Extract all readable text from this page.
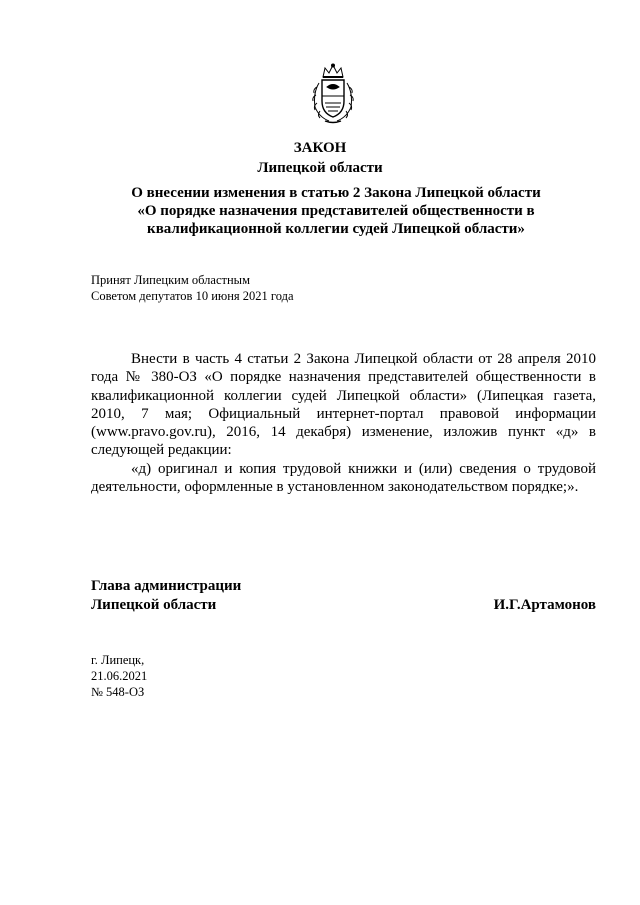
ЗАКОН
Липецкой области
О внесении изменения в статью 2 Закона Липецкой области
«О порядке назначения представителей общественности в
квалификационной коллегии судей Липецкой области»
Принят Липецким областным
Советом депутатов 10 июня 2021 года

Внести в часть 4 статьи 2 Закона Липецкой области от 28 апреля 2010 года № 380-ОЗ «О порядке назначения представителей общественности в квалификационной коллегии судей Липецкой области» (Липецкая газета, 2010, 7 мая; Официальный интернет-портал правовой информации (www.pravo.gov.ru), 2016, 14 декабря) изменение, изложив пункт «д» в следующей редакции:

«д) оригинал и копия трудовой книжки и (или) сведения о трудовой деятельности, оформленные в установленном законодательством порядке;».

Глава администрации
Липецкой области	И.Г.Артамонов
г. Липецк,
21.06.2021
№ 548-ОЗ
